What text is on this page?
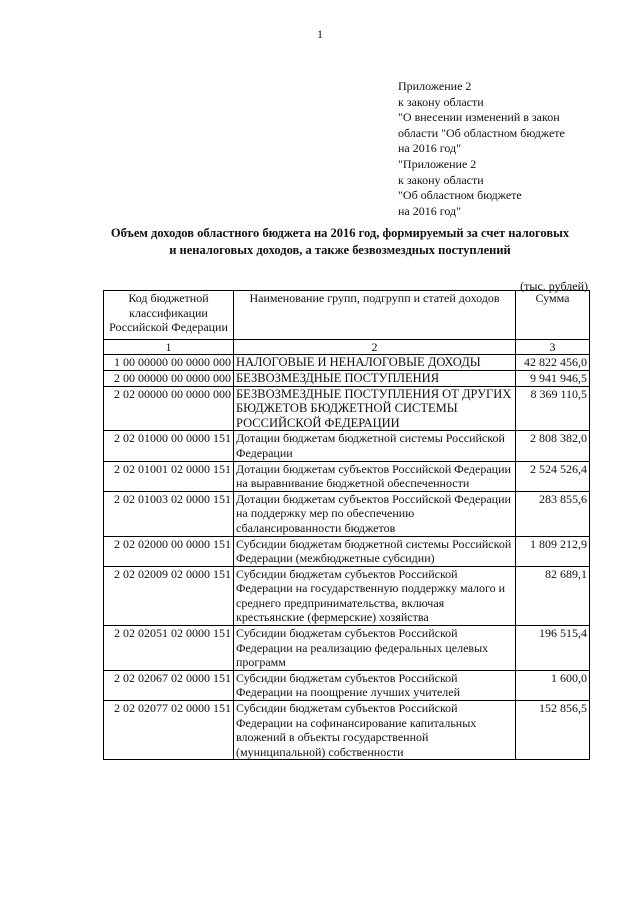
1
Приложение 2
к закону области
"О внесении изменений в закон
области "Об областном бюджете
на 2016 год"
"Приложение 2
к закону области
"Об областном бюджете
на 2016 год"
Объем доходов областного бюджета на 2016 год, формируемый за счет налоговых
и неналоговых доходов, а также безвозмездных поступлений
(тыс. рублей)
Код бюджетной классификации Российской Федерации	Наименование групп, подгрупп и статей доходов	Сумма
1	2	3
1 00 00000 00 0000 000	НАЛОГОВЫЕ И НЕНАЛОГОВЫЕ ДОХОДЫ	42 822 456,0
2 00 00000 00 0000 000	БЕЗВОЗМЕЗДНЫЕ ПОСТУПЛЕНИЯ	9 941 946,5
2 02 00000 00 0000 000	БЕЗВОЗМЕЗДНЫЕ ПОСТУПЛЕНИЯ ОТ ДРУГИХ БЮДЖЕТОВ БЮДЖЕТНОЙ СИСТЕМЫ РОССИЙСКОЙ ФЕДЕРАЦИИ	8 369 110,5
2 02 01000 00 0000 151	Дотации бюджетам бюджетной системы Российской Федерации	2 808 382,0
2 02 01001 02 0000 151	Дотации бюджетам субъектов Российской Федерации на выравнивание бюджетной обеспеченности	2 524 526,4
2 02 01003 02 0000 151	Дотации бюджетам субъектов Российской Федерации на поддержку мер по обеспечению сбалансированности бюджетов	283 855,6
2 02 02000 00 0000 151	Субсидии бюджетам бюджетной системы Российской Федерации (межбюджетные субсидии)	1 809 212,9
2 02 02009 02 0000 151	Субсидии бюджетам субъектов Российской Федерации на государственную поддержку малого и среднего предпринимательства, включая крестьянские (фермерские) хозяйства	82 689,1
2 02 02051 02 0000 151	Субсидии бюджетам субъектов Российской Федерации на реализацию федеральных целевых программ	196 515,4
2 02 02067 02 0000 151	Субсидии бюджетам субъектов Российской Федерации на поощрение лучших учителей	1 600,0
2 02 02077 02 0000 151	Субсидии бюджетам субъектов Российской Федерации на софинансирование капитальных вложений в объекты государственной (муниципальной) собственности	152 856,5
